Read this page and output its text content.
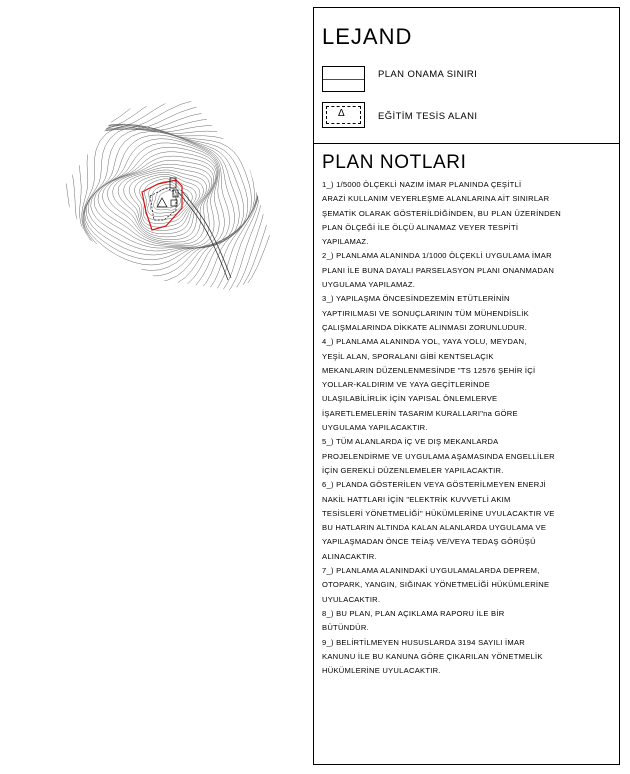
LEJAND
PLAN ONAMA SINIRI
Δ	EĞİTİM TESİS ALANI
PLAN NOTLARI
1_) 1/5000 ÖLÇEKLİ NAZIM İMAR PLANINDA ÇEŞİTLİ
ARAZİ KULLANIM VEYERLEŞME ALANLARINA AİT SINIRLAR
ŞEMATİK OLARAK GÖSTERİLDİĞİNDEN, BU PLAN ÜZERİNDEN
PLAN ÖLÇEĞİ İLE ÖLÇÜ ALINAMAZ VEYER TESPİTİ
YAPILAMAZ.
2_) PLANLAMA ALANINDA 1/1000 ÖLÇEKLİ UYGULAMA İMAR
PLANI İLE BUNA DAYALI PARSELASYON PLANI ONANMADAN
UYGULAMA YAPILAMAZ.
3_) YAPILAŞMA ÖNCESİNDEZEMİN ETÜTLERİNİN
YAPTIRILMASI VE SONUÇLARININ TÜM MÜHENDİSLİK
ÇALIŞMALARINDA DİKKATE ALINMASI ZORUNLUDUR.
4_) PLANLAMA ALANINDA YOL, YAYA YOLU, MEYDAN,
YEŞİL ALAN, SPORALANI GİBİ KENTSELAÇIK
MEKANLARIN DÜZENLENMESİNDE "TS 12576 ŞEHİR İÇİ
YOLLAR-KALDIRIM VE YAYA GEÇİTLERİNDE
ULAŞILABİLİRLİK İÇİN YAPISAL ÖNLEMLERVE
İŞARETLEMELERİN TASARIM KURALLARI"na GÖRE
UYGULAMA YAPILACAKTIR.
5_) TÜM ALANLARDA İÇ VE DIŞ MEKANLARDA
PROJELENDİRME VE UYGULAMA AŞAMASINDA ENGELLİLER
İÇİN GEREKLİ DÜZENLEMELER YAPILACAKTIR.
6_) PLANDA GÖSTERİLEN VEYA GÖSTERİLMEYEN ENERJİ
NAKİL HATTLARI İÇİN "ELEKTRİK KUVVETLİ AKIM
TESİSLERİ YÖNETMELİĞİ" HÜKÜMLERİNE UYULACAKTIR VE
BU HATLARIN ALTINDA KALAN ALANLARDA UYGULAMA VE
YAPILAŞMADAN ÖNCE TEİAŞ VE/VEYA TEDAŞ GÖRÜŞÜ
ALINACAKTIR.
7_) PLANLAMA ALANINDAKİ UYGULAMALARDA DEPREM,
OTOPARK, YANGIN, SIĞINAK YÖNETMELİĞİ HÜKÜMLERİNE
UYULACAKTIR.
8_) BU PLAN, PLAN AÇIKLAMA RAPORU İLE BİR
BÜTÜNDÜR.
9_) BELİRTİLMEYEN HUSUSLARDA 3194 SAYILI İMAR
KANUNU İLE BU KANUNA GÖRE ÇIKARILAN YÖNETMELİK
HÜKÜMLERİNE UYULACAKTIR.
